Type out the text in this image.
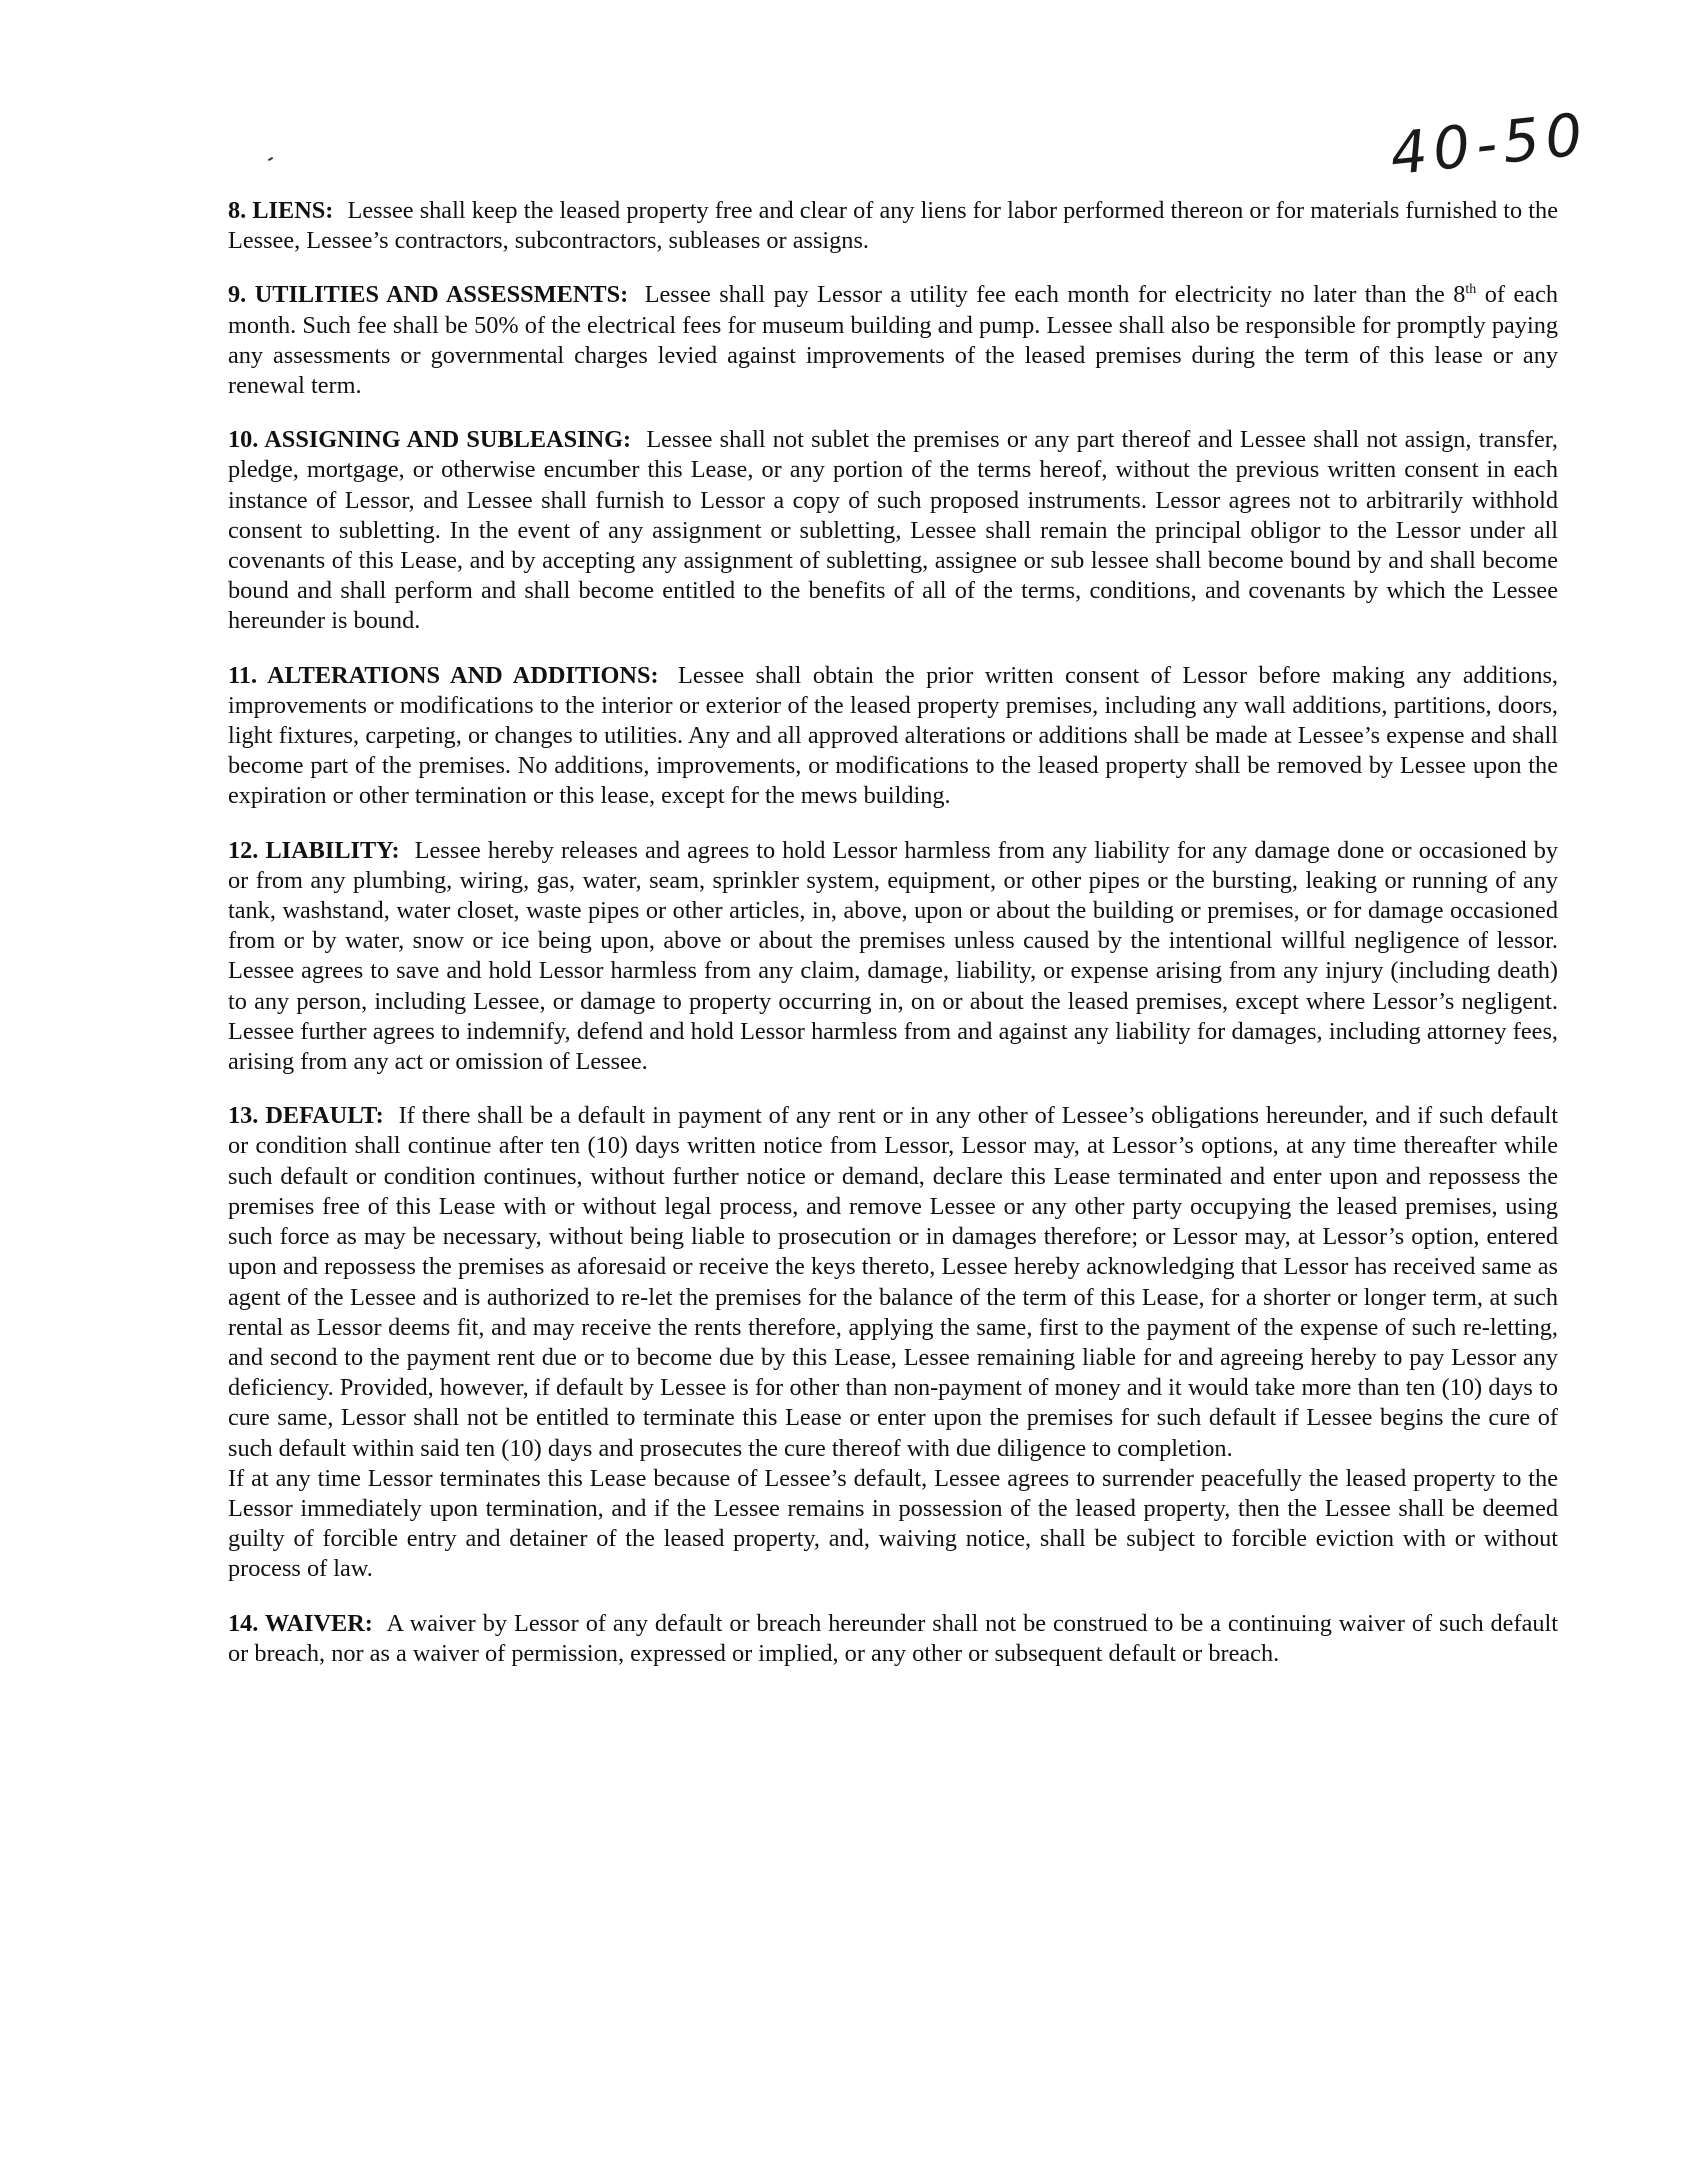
40-50

8. LIENS: Lessee shall keep the leased property free and clear of any liens for labor performed thereon or for materials furnished to the Lessee, Lessee’s contractors, subcontractors, subleases or assigns.

9. UTILITIES AND ASSESSMENTS: Lessee shall pay Lessor a utility fee each month for electricity no later than the 8th of each month. Such fee shall be 50% of the electrical fees for museum building and pump. Lessee shall also be responsible for promptly paying any assessments or governmental charges levied against improvements of the leased premises during the term of this lease or any renewal term.

10. ASSIGNING AND SUBLEASING: Lessee shall not sublet the premises or any part thereof and Lessee shall not assign, transfer, pledge, mortgage, or otherwise encumber this Lease, or any portion of the terms hereof, without the previous written consent in each instance of Lessor, and Lessee shall furnish to Lessor a copy of such proposed instruments. Lessor agrees not to arbitrarily withhold consent to subletting. In the event of any assignment or subletting, Lessee shall remain the principal obligor to the Lessor under all covenants of this Lease, and by accepting any assignment of subletting, assignee or sub lessee shall become bound by and shall become bound and shall perform and shall become entitled to the benefits of all of the terms, conditions, and covenants by which the Lessee hereunder is bound.

11. ALTERATIONS AND ADDITIONS: Lessee shall obtain the prior written consent of Lessor before making any additions, improvements or modifications to the interior or exterior of the leased property premises, including any wall additions, partitions, doors, light fixtures, carpeting, or changes to utilities. Any and all approved alterations or additions shall be made at Lessee’s expense and shall become part of the premises. No additions, improvements, or modifications to the leased property shall be removed by Lessee upon the expiration or other termination or this lease, except for the mews building.

12. LIABILITY: Lessee hereby releases and agrees to hold Lessor harmless from any liability for any damage done or occasioned by or from any plumbing, wiring, gas, water, seam, sprinkler system, equipment, or other pipes or the bursting, leaking or running of any tank, washstand, water closet, waste pipes or other articles, in, above, upon or about the building or premises, or for damage occasioned from or by water, snow or ice being upon, above or about the premises unless caused by the intentional willful negligence of lessor. Lessee agrees to save and hold Lessor harmless from any claim, damage, liability, or expense arising from any injury (including death) to any person, including Lessee, or damage to property occurring in, on or about the leased premises, except where Lessor’s negligent. Lessee further agrees to indemnify, defend and hold Lessor harmless from and against any liability for damages, including attorney fees, arising from any act or omission of Lessee.

13. DEFAULT: If there shall be a default in payment of any rent or in any other of Lessee’s obligations hereunder, and if such default or condition shall continue after ten (10) days written notice from Lessor, Lessor may, at Lessor’s options, at any time thereafter while such default or condition continues, without further notice or demand, declare this Lease terminated and enter upon and repossess the premises free of this Lease with or without legal process, and remove Lessee or any other party occupying the leased premises, using such force as may be necessary, without being liable to prosecution or in damages therefore; or Lessor may, at Lessor’s option, entered upon and repossess the premises as aforesaid or receive the keys thereto, Lessee hereby acknowledging that Lessor has received same as agent of the Lessee and is authorized to re-let the premises for the balance of the term of this Lease, for a shorter or longer term, at such rental as Lessor deems fit, and may receive the rents therefore, applying the same, first to the payment of the expense of such re-letting, and second to the payment rent due or to become due by this Lease, Lessee remaining liable for and agreeing hereby to pay Lessor any deficiency. Provided, however, if default by Lessee is for other than non-payment of money and it would take more than ten (10) days to cure same, Lessor shall not be entitled to terminate this Lease or enter upon the premises for such default if Lessee begins the cure of such default within said ten (10) days and prosecutes the cure thereof with due diligence to completion.
If at any time Lessor terminates this Lease because of Lessee’s default, Lessee agrees to surrender peacefully the leased property to the Lessor immediately upon termination, and if the Lessee remains in possession of the leased property, then the Lessee shall be deemed guilty of forcible entry and detainer of the leased property, and, waiving notice, shall be subject to forcible eviction with or without process of law.

14. WAIVER: A waiver by Lessor of any default or breach hereunder shall not be construed to be a continuing waiver of such default or breach, nor as a waiver of permission, expressed or implied, or any other or subsequent default or breach.
